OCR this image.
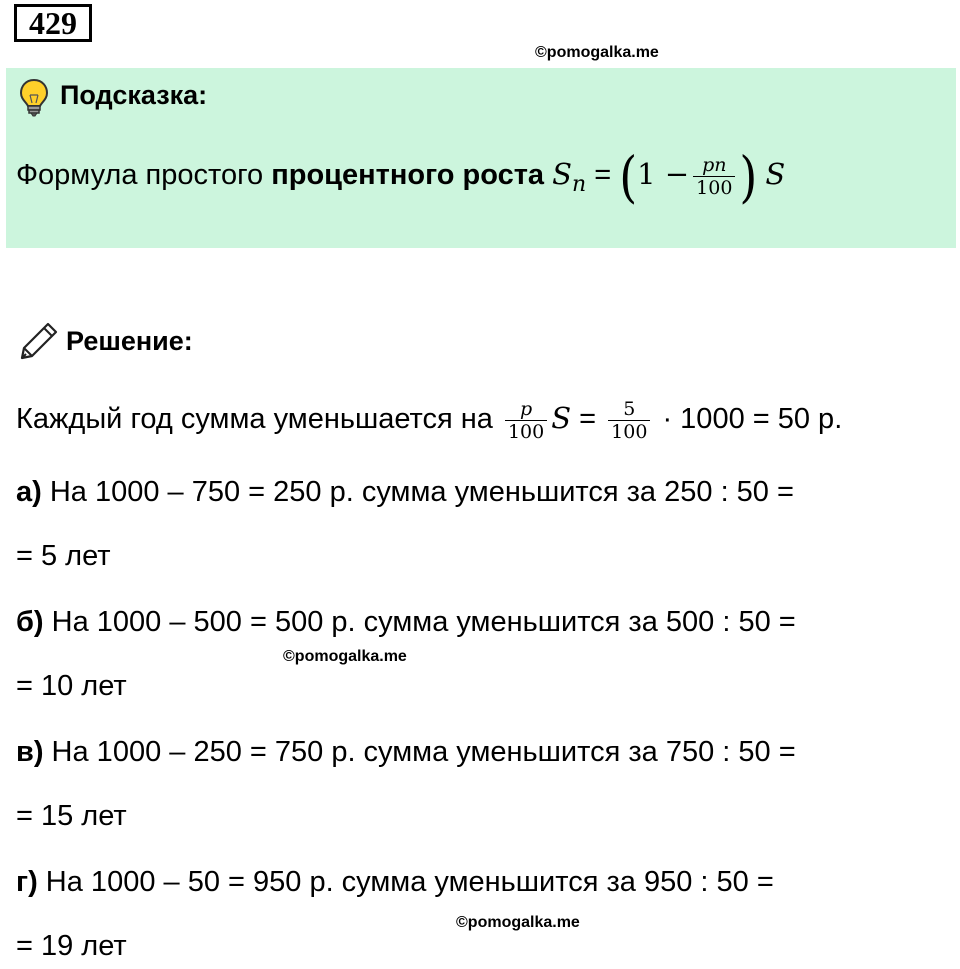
429
©pomogalka.me
©pomogalka.me
©pomogalka.me
Подсказка:
Формула простого процентного роста $S_n = (1 - \frac{pn}{100}$ ) S
Решение:
Каждый год сумма уменьшается на $\frac{p}{100}$ $S = \frac{5}{100} \cdot 1000 = 50$ р.
а) На 1000 – 750 = 250 р. сумма уменьшится за 250 : 50 =
= 5 лет
б) На 1000 – 500 = 500 р. сумма уменьшится за 500 : 50 =
= 10 лет
в) На 1000 – 250 = 750 р. сумма уменьшится за 750 : 50 =
= 15 лет
г) На 1000 – 50 = 950 р. сумма уменьшится за 950 : 50 =
= 19 лет
